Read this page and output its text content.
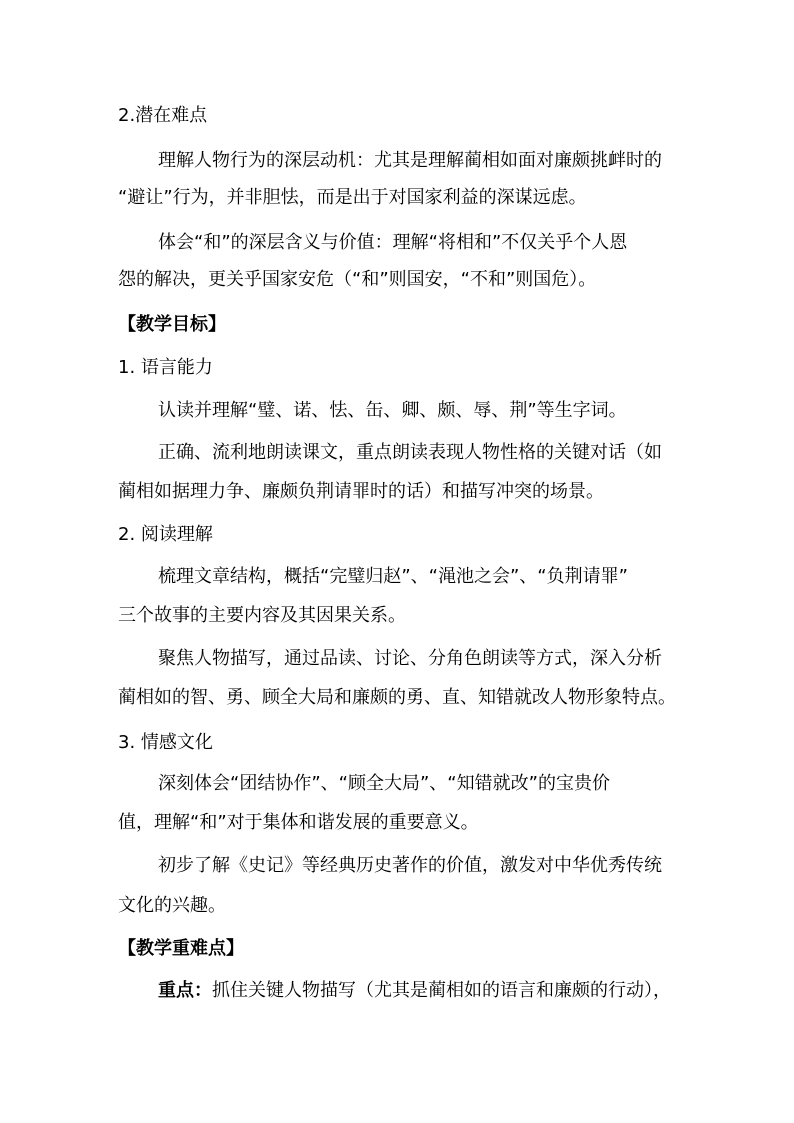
2.潜在难点
理解人物行为的深层动机：尤其是理解蔺相如面对廉颇挑衅时的
“避让”行为，并非胆怯，而是出于对国家利益的深谋远虑。
体会“和”的深层含义与价值：理解“将相和”不仅关乎个人恩
怨的解决，更关乎国家安危（“和”则国安，“不和”则国危）。
【教学目标】
1. 语言能力
认读并理解“璧、诺、怯、缶、卿、颇、辱、荆”等生字词。
正确、流利地朗读课文，重点朗读表现人物性格的关键对话（如
蔺相如据理力争、廉颇负荆请罪时的话）和描写冲突的场景。
2. 阅读理解
梳理文章结构，概括“完璧归赵”、“渑池之会”、“负荆请罪”
三个故事的主要内容及其因果关系。
聚焦人物描写，通过品读、讨论、分角色朗读等方式，深入分析
蔺相如的智、勇、顾全大局和廉颇的勇、直、知错就改人物形象特点。
3. 情感文化
深刻体会“团结协作”、“顾全大局”、“知错就改”的宝贵价
值，理解“和”对于集体和谐发展的重要意义。
初步了解《史记》等经典历史著作的价值，激发对中华优秀传统
文化的兴趣。
【教学重难点】
重点：抓住关键人物描写（尤其是蔺相如的语言和廉颇的行动），
